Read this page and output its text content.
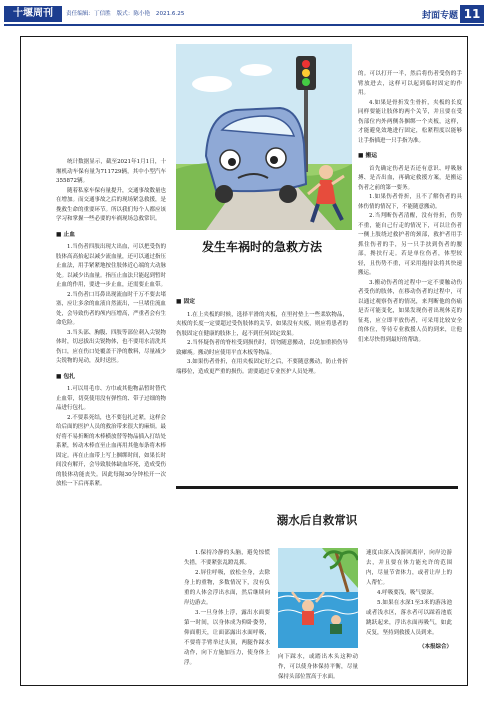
十堰周刊	责任编辑：丁信胜 版式：陈小艳 2021.6.25	封面专题 11

统计数据显示，截至2021年1月1日，十堰机动车保有量为711729辆，其中小型汽车355872辆。

随着私家车保有量提升，交通事故数量也在增加。而交通事故之后的现场紧急救援，是挽救生命的重要环节。所以我们每个人都应该学习和掌握一些必要的车祸现场急救常识。

■ 止血

1.当伤者四肢出现大出血，可以把受伤的肢体高高抬起以减少流血量，还可以通过指压止血法，用手紧紧地按住肢体近心端的大动脉处。以减少出血量。指压止血法只能起到暂时止血的作用，要进一步止血，还需要止血带。

2.当伤者口耳鼻出现流血时千万不要去堵塞，应让多余的血液自然流出，一旦堵住流血处，会导致伤者的颅内压增高，严重者会有生命危险。

3.当头部、胸腹、四肢等部位刺入尖锐物体时，切忌拔出尖锐物体，也不要用水清洗其伤口，应在伤口处覆盖干净的敷料，尽量减少尖锐物的晃动，及时送医。

■ 包扎

1.可以用毛巾、方巾或其他物品暂时替代止血带，切莫使用没有弹性的、带子过细的物品进行包扎。

2.不要系死结，也不要包扎过紧，这样会给后面的医护人员的救治带来很大的麻烦。最好将不易折断的木棒横放替等物品插入打结处系紧，转动木棒直至止血再用其他布条将木棒固定。再在止血带上写上捆绑时间，如果长时间没有解开，会导致肢体缺血坏死，造成受伤的肢体功能丧失。因此每隔30分钟松开一次放松一下后再系紧。

发生车祸时的急救方法
■ 固定

1.在上夹板的时候，选择平滑的夹板，在里衬垫上一些柔软物品，夹板的长度一定要超过受伤肢体的关节，如果没有夹板，则应将患者的伤肢固定在健康的肢体上，起不到任何固定效果。

2.当怀疑伤者的脊柱受到损伤时，切勿随意搬动，以免加重损伤导致瘫痪。搬动时应使用平直木板等物品。

3.如果伤者骨折，在用夹板固定好之后，不要随意搬动，防止骨折端移位，造成更严重的损伤。需要通过专业医护人员处理。

的。可以打开一半，然后将伤者受伤的手臂放进去，这样可以起到临时固定的作用。

4.如果是骨折发生骨折，夹板的长度同样要能让肢体的两个关节，并且要在受伤部位内外两侧各捆绑一个夹板，这样，才能避免效地进行固定，松紧程度以能够让手指插进一只手指为准。

■ 搬运

首先确定伤者是否还有意识、呼吸脉搏、是否出血，再确定救援方案，是搬运伤者之前的第一要务。

1.如果伤者骨折，且不了解伤者的具体伤情的情况下，不能随意搬动。

2.当判断伤者清醒，没有骨折，伤势不重，能自己行走的情况下，可以让伤者一侧上肢绕过救护者的颈部，救护者用手抓住伤者的手，另一只手扶到伤者的腰部，搀扶行走。若是单位伤者，体型较轻，且伤势不重，可采用抱持法将其快速搬运。

3.搬动伤者的过程中一定不要触动伤者受伤的肢体，在移动伤者的过程中，可以通过观察伤者的情况，来判断他的伤痛是否可能变化，如果发现伤者出现休克的征兆，应立即平放伤者，可采用比较安全的体位，等待专业救援人员的到来，让他们来尽快得到最好的帮助。

溺水后自救常识

1.保持冷静的头脑，避免惊慌失措，不要紧张乱蹬乱抓。

2.屏住呼吸，放松全身，去除身上的重物，多数情况下，没有负重的人体会浮出水面，然后继续向岸边游去。

3.一旦身体上浮，露出水面要第一时间，以身体成为仰卧姿势，仰面朝天，让面部露出水面呼吸，不要将手臂举过头顶，两腿作踩水动作，向下方施加压力，使身体上浮。

向下踩水，或踏出木头这种动作，可以使身体保持平衡，尽量保持头部位置高于水面。

速度由深入浅游回离岸，向岸边游去，并且要在体力能允许的范围内，尽量节省体力，或者让岸上的人帮忙。

4.呼吸要浅，吸气要深。

5.如果在水深1至3米的游泳池或者浅水区，落水者可以踩着池底跳跃起来，浮出水面再吸气，如此反复，坚持到救援人员到来。

（本报综合）
